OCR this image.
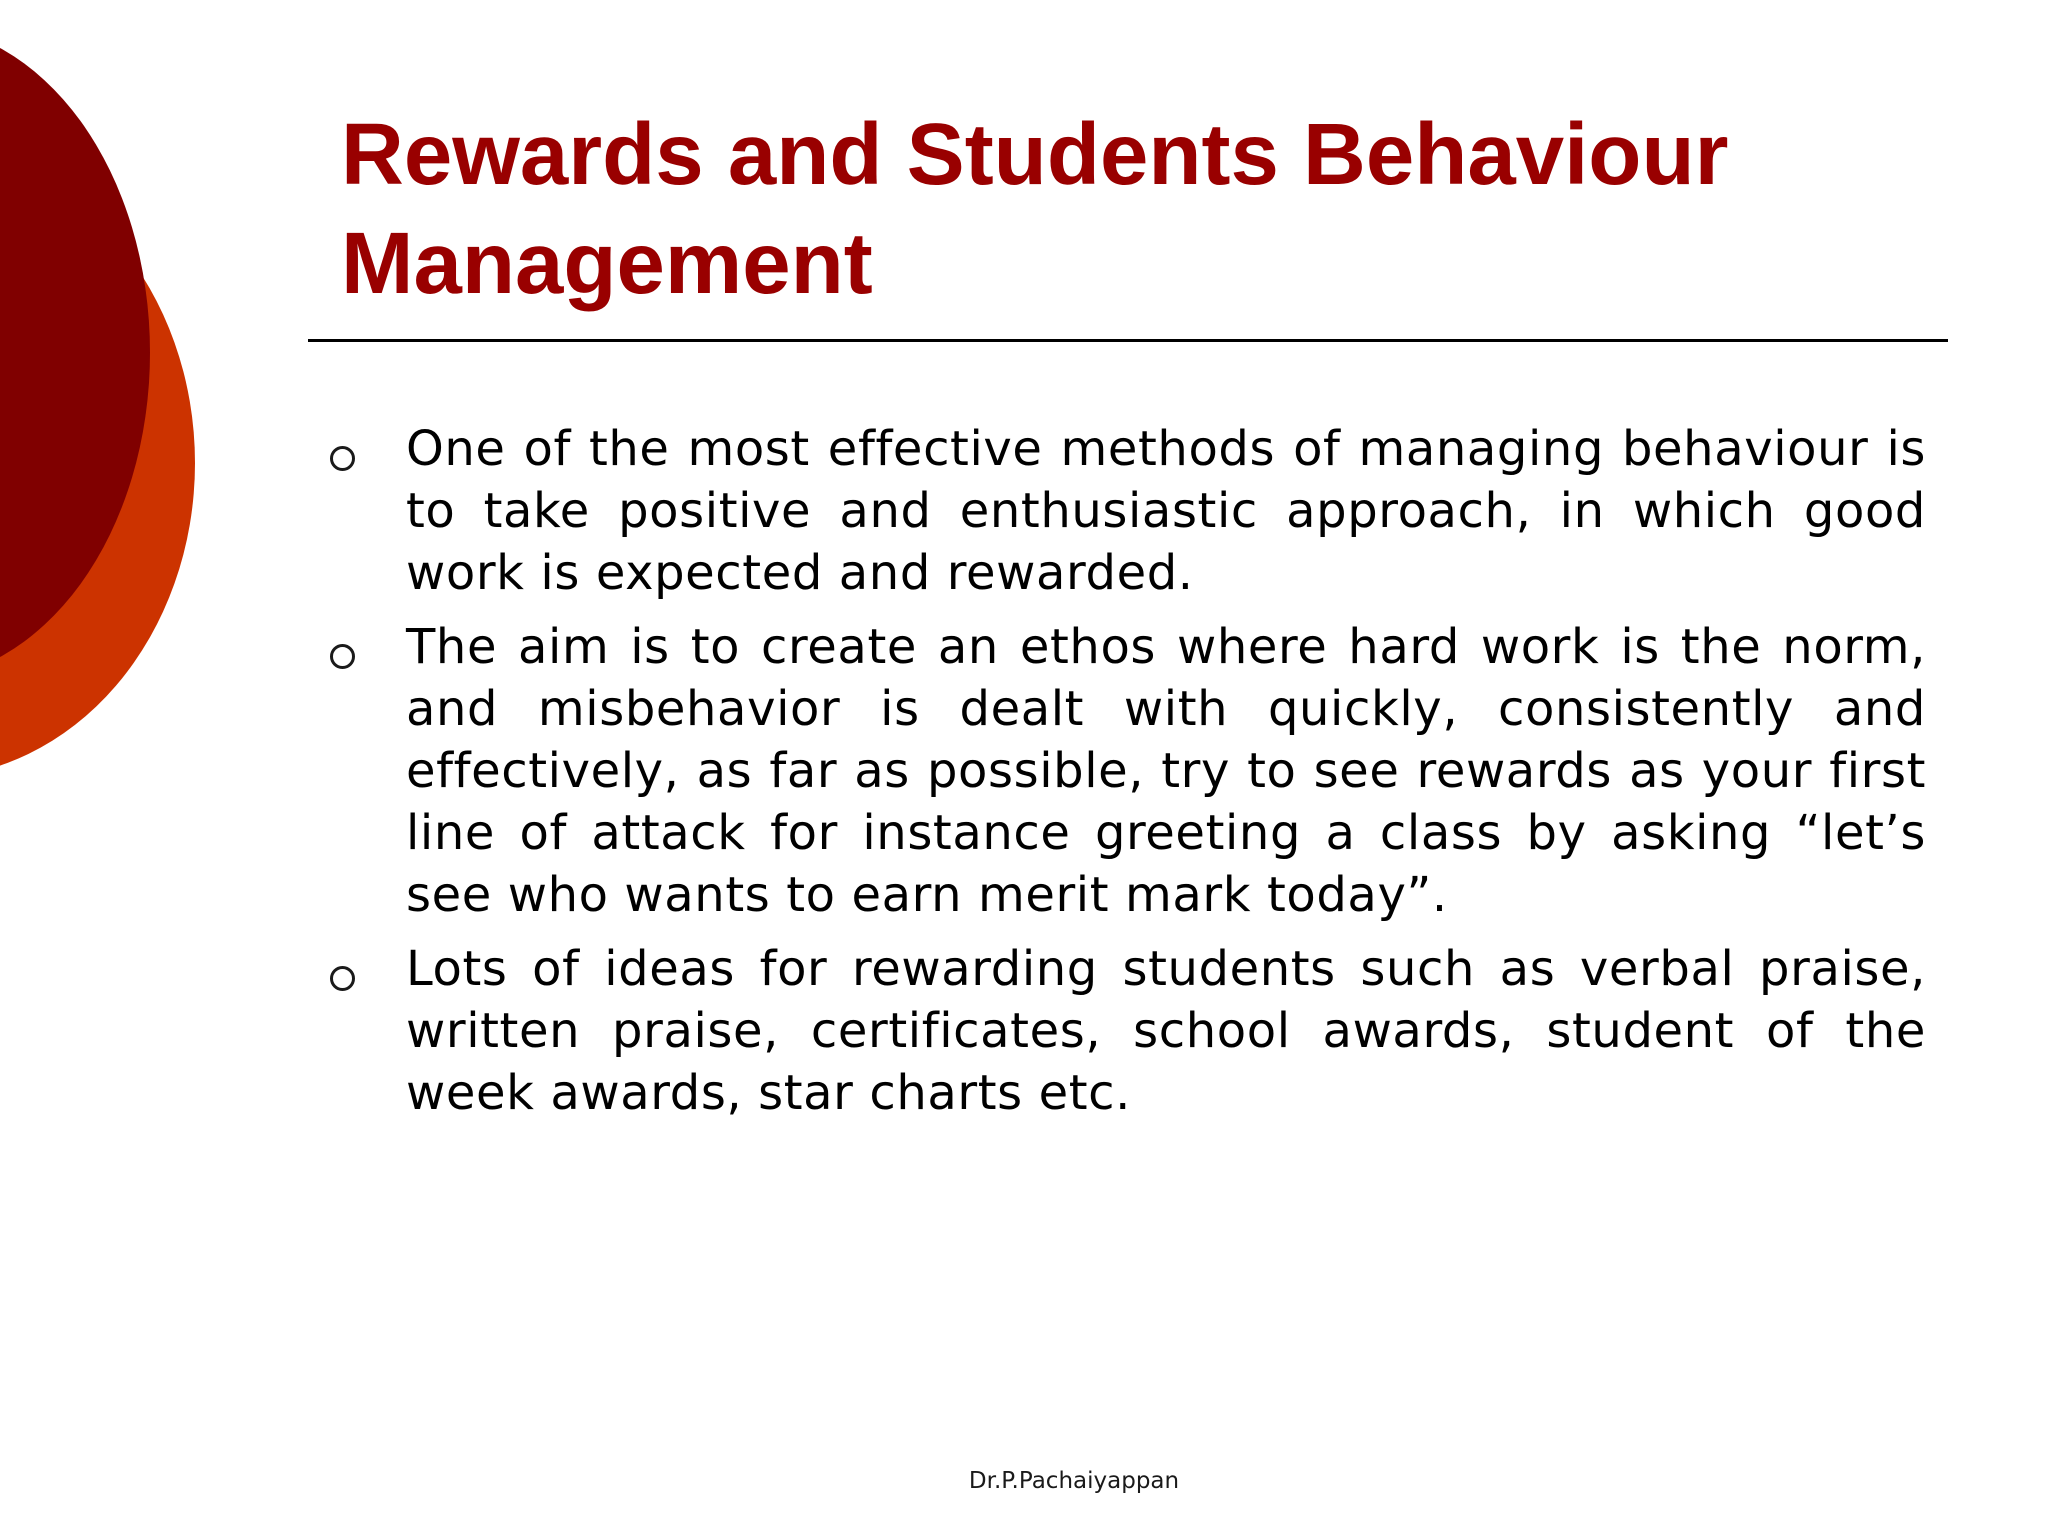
Rewards and Students Behaviour Management
One of the most effective methods of managing behaviour is to take positive and enthusiastic approach, in which good work is expected and rewarded.
The aim is to create an ethos where hard work is the norm, and misbehavior is dealt with quickly, consistently and effectively, as far as possible, try to see rewards as your first line of attack for instance greeting a class by asking “let’s see who wants to earn merit mark today”.
Lots of ideas for rewarding students such as verbal praise, written praise, certificates, school awards, student of the week awards, star charts etc.
Dr.P.Pachaiyappan
